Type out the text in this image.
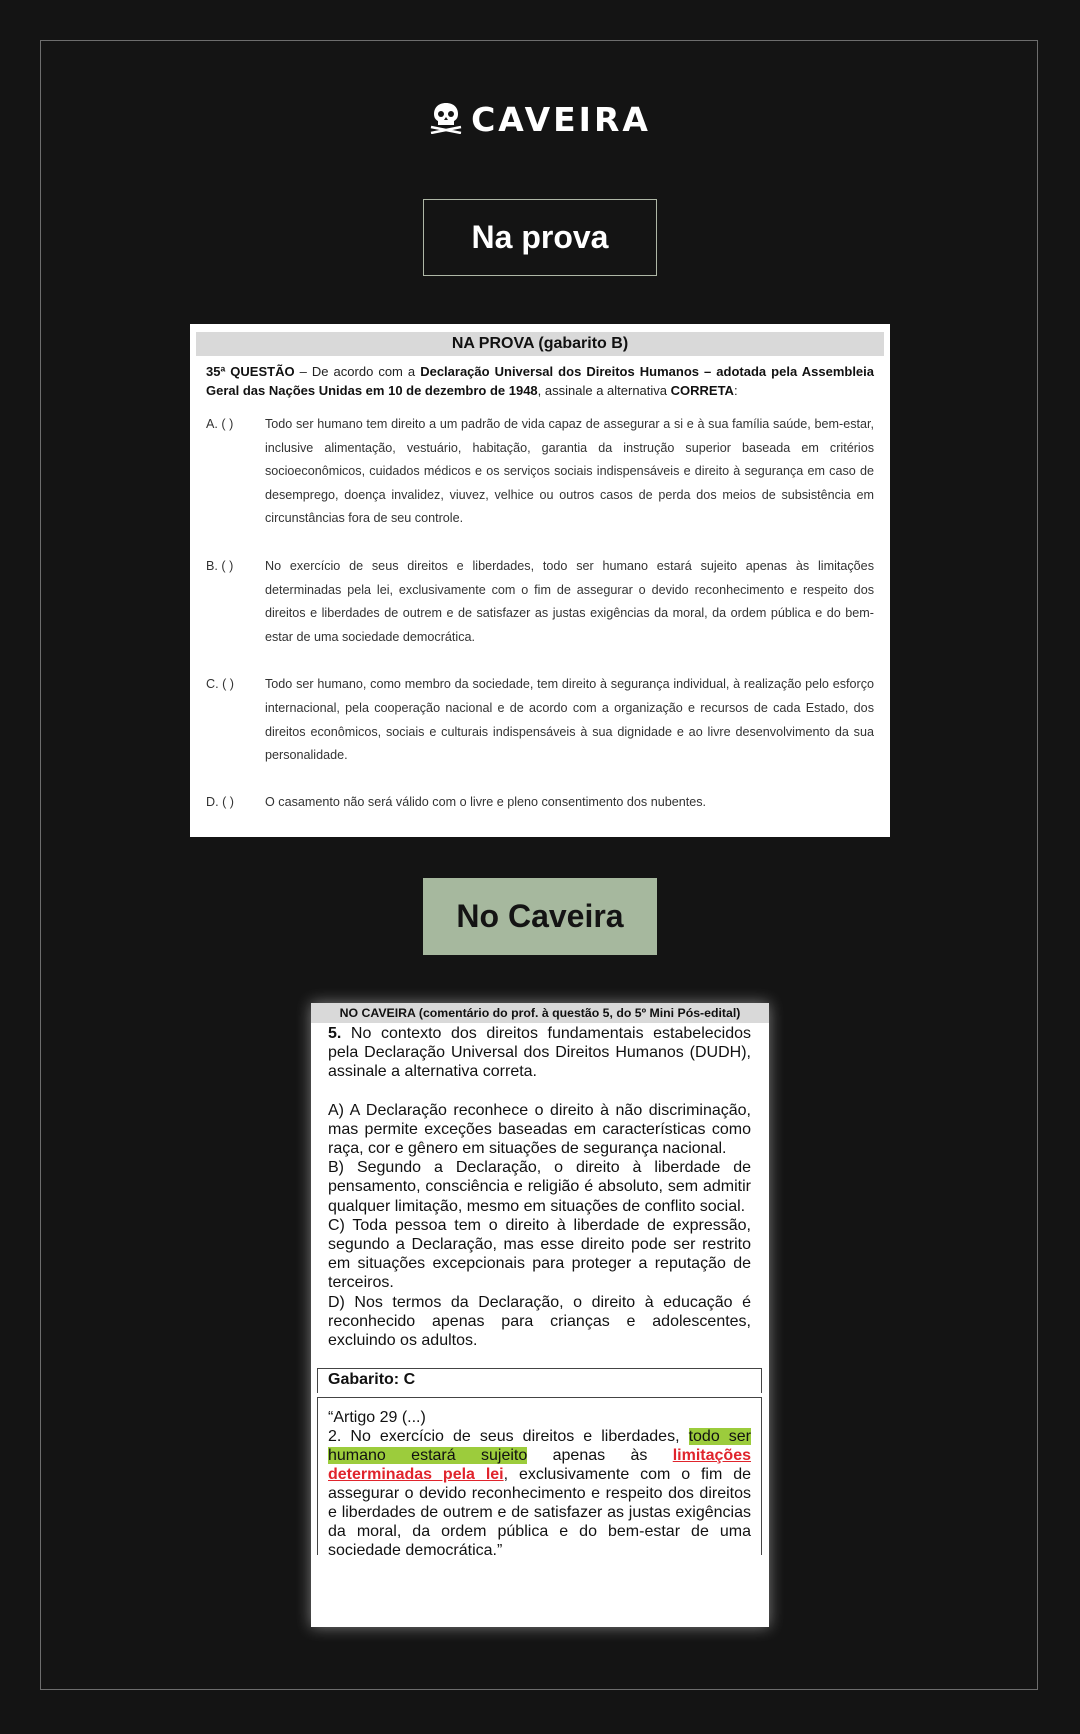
CAVEIRA
Na prova
NA PROVA (gabarito B)
35ª QUESTÃO – De acordo com a Declaração Universal dos Direitos Humanos – adotada pela Assembleia Geral das Nações Unidas em 10 de dezembro de 1948, assinale a alternativa CORRETA:
A. ( )	Todo ser humano tem direito a um padrão de vida capaz de assegurar a si e à sua família saúde, bem-estar, inclusive alimentação, vestuário, habitação, garantia da instrução superior baseada em critérios socioeconômicos, cuidados médicos e os serviços sociais indispensáveis e direito à segurança em caso de desemprego, doença invalidez, viuvez, velhice ou outros casos de perda dos meios de subsistência em circunstâncias fora de seu controle.
B. ( )	No exercício de seus direitos e liberdades, todo ser humano estará sujeito apenas às limitações determinadas pela lei, exclusivamente com o fim de assegurar o devido reconhecimento e respeito dos direitos e liberdades de outrem e de satisfazer as justas exigências da moral, da ordem pública e do bem-estar de uma sociedade democrática.
C. ( )	Todo ser humano, como membro da sociedade, tem direito à segurança individual, à realização pelo esforço internacional, pela cooperação nacional e de acordo com a organização e recursos de cada Estado, dos direitos econômicos, sociais e culturais indispensáveis à sua dignidade e ao livre desenvolvimento da sua personalidade.
D. ( )	O casamento não será válido com o livre e pleno consentimento dos nubentes.
No Caveira
NO CAVEIRA (comentário do prof. à questão 5, do 5º Mini Pós-edital)

5. No contexto dos direitos fundamentais estabelecidos pela Declaração Universal dos Direitos Humanos (DUDH), assinale a alternativa correta.

A) A Declaração reconhece o direito à não discriminação, mas permite exceções baseadas em características como raça, cor e gênero em situações de segurança nacional.

B) Segundo a Declaração, o direito à liberdade de pensamento, consciência e religião é absoluto, sem admitir qualquer limitação, mesmo em situações de conflito social.

C) Toda pessoa tem o direito à liberdade de expressão, segundo a Declaração, mas esse direito pode ser restrito em situações excepcionais para proteger a reputação de terceiros.

D) Nos termos da Declaração, o direito à educação é reconhecido apenas para crianças e adolescentes, excluindo os adultos.

Gabarito: C

“Artigo 29 (...)

2. No exercício de seus direitos e liberdades, todo ser humano estará sujeito apenas às limitações determinadas pela lei, exclusivamente com o fim de assegurar o devido reconhecimento e respeito dos direitos e liberdades de outrem e de satisfazer as justas exigências da moral, da ordem pública e do bem-estar de uma sociedade democrática.”
